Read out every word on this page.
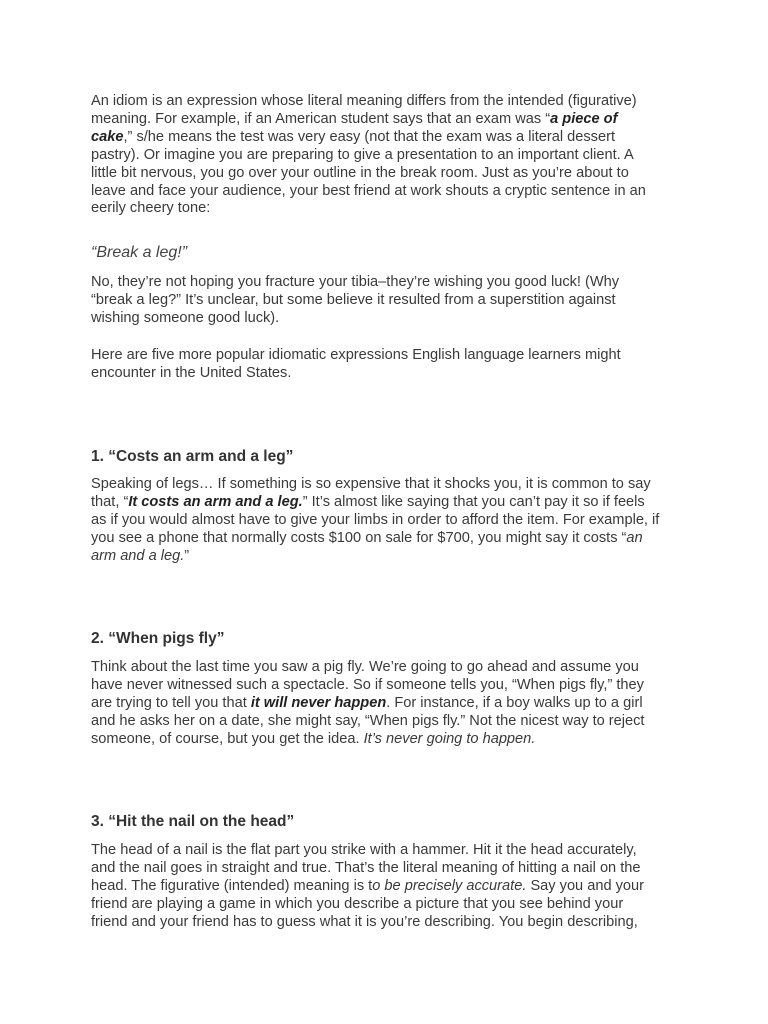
An idiom is an expression whose literal meaning differs from the intended (figurative)
meaning. For example, if an American student says that an exam was “a piece of
cake,” s/he means the test was very easy (not that the exam was a literal dessert
pastry). Or imagine you are preparing to give a presentation to an important client. A
little bit nervous, you go over your outline in the break room. Just as you’re about to
leave and face your audience, your best friend at work shouts a cryptic sentence in an
eerily cheery tone:
“Break a leg!”
No, they’re not hoping you fracture your tibia–they’re wishing you good luck! (Why
“break a leg?” It’s unclear, but some believe it resulted from a superstition against
wishing someone good luck).
Here are five more popular idiomatic expressions English language learners might
encounter in the United States.
1. “Costs an arm and a leg”
Speaking of legs… If something is so expensive that it shocks you, it is common to say
that, “It costs an arm and a leg.” It’s almost like saying that you can’t pay it so if feels
as if you would almost have to give your limbs in order to afford the item. For example, if
you see a phone that normally costs $100 on sale for $700, you might say it costs “an
arm and a leg.”
2. “When pigs fly”
Think about the last time you saw a pig fly. We’re going to go ahead and assume you
have never witnessed such a spectacle. So if someone tells you, “When pigs fly,” they
are trying to tell you that it will never happen. For instance, if a boy walks up to a girl
and he asks her on a date, she might say, “When pigs fly.” Not the nicest way to reject
someone, of course, but you get the idea. It’s never going to happen.
3. “Hit the nail on the head”
The head of a nail is the flat part you strike with a hammer. Hit it the head accurately,
and the nail goes in straight and true. That’s the literal meaning of hitting a nail on the
head. The figurative (intended) meaning is to be precisely accurate. Say you and your
friend are playing a game in which you describe a picture that you see behind your
friend and your friend has to guess what it is you’re describing. You begin describing,
